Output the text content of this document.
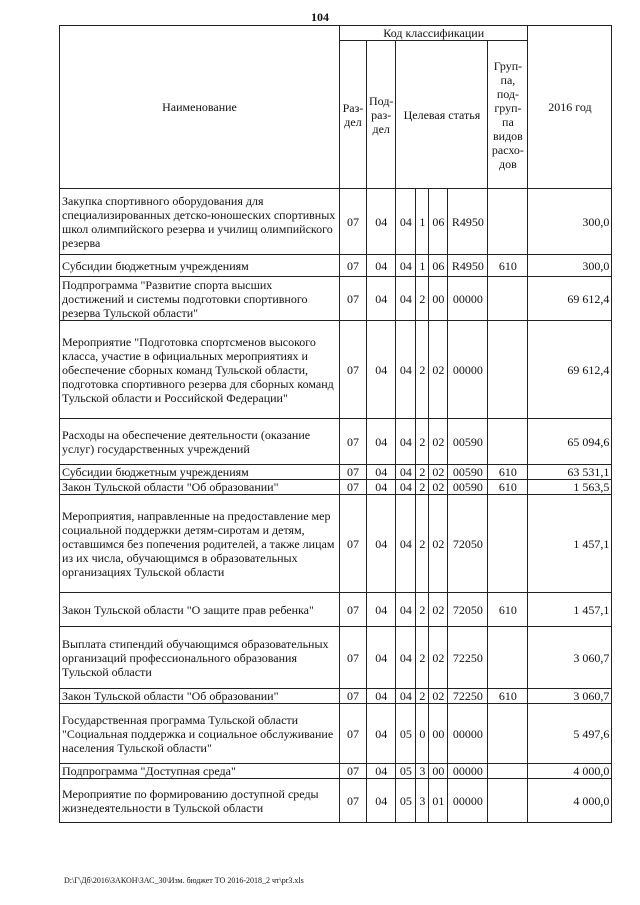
104
Наименование	Код классификации							2016 год
	Раз-дел	Под-раз-дел	Целевая статья				Груп-па, под-груп-па видов расхо-дов	
Закупка спортивного оборудования для специализированных детско-юношеских спортивных школ олимпийского резерва и училищ олимпийского резерва	07	04	04	1	06	R4950		300,0
Субсидии бюджетным учреждениям	07	04	04	1	06	R4950	610	300,0
Подпрограмма "Развитие спорта высших достижений и системы подготовки спортивного резерва Тульской области"	07	04	04	2	00	00000		69 612,4
Мероприятие "Подготовка спортсменов высокого класса, участие в официальных мероприятиях и обеспечение сборных команд Тульской области, подготовка спортивного резерва для сборных команд Тульской области и Российской Федерации"	07	04	04	2	02	00000		69 612,4
Расходы на обеспечение деятельности (оказание услуг) государственных учреждений	07	04	04	2	02	00590		65 094,6
Субсидии бюджетным учреждениям	07	04	04	2	02	00590	610	63 531,1
Закон Тульской области "Об образовании"	07	04	04	2	02	00590	610	1 563,5
Мероприятия, направленные на предоставление мер социальной поддержки детям-сиротам и детям, оставшимся без попечения родителей, а также лицам из их числа, обучающимся в образовательных организациях Тульской области	07	04	04	2	02	72050		1 457,1
Закон Тульской области "О защите прав ребенка"	07	04	04	2	02	72050	610	1 457,1
Выплата стипендий обучающимся образовательных организаций профессионального образования Тульской области	07	04	04	2	02	72250		3 060,7
Закон Тульской области "Об образовании"	07	04	04	2	02	72250	610	3 060,7
Государственная программа Тульской области "Социальная поддержка и социальное обслуживание населения Тульской области"	07	04	05	0	00	00000		5 497,6
Подпрограмма "Доступная среда"	07	04	05	3	00	00000		4 000,0
Мероприятие по формированию доступной среды жизнедеятельности в Тульской области	07	04	05	3	01	00000		4 000,0
D:\Г\Дб\2016\ЗАКОН\ЗАС_30\Изм. бюджет ТО 2016-2018_2 чт\pr3.xls
